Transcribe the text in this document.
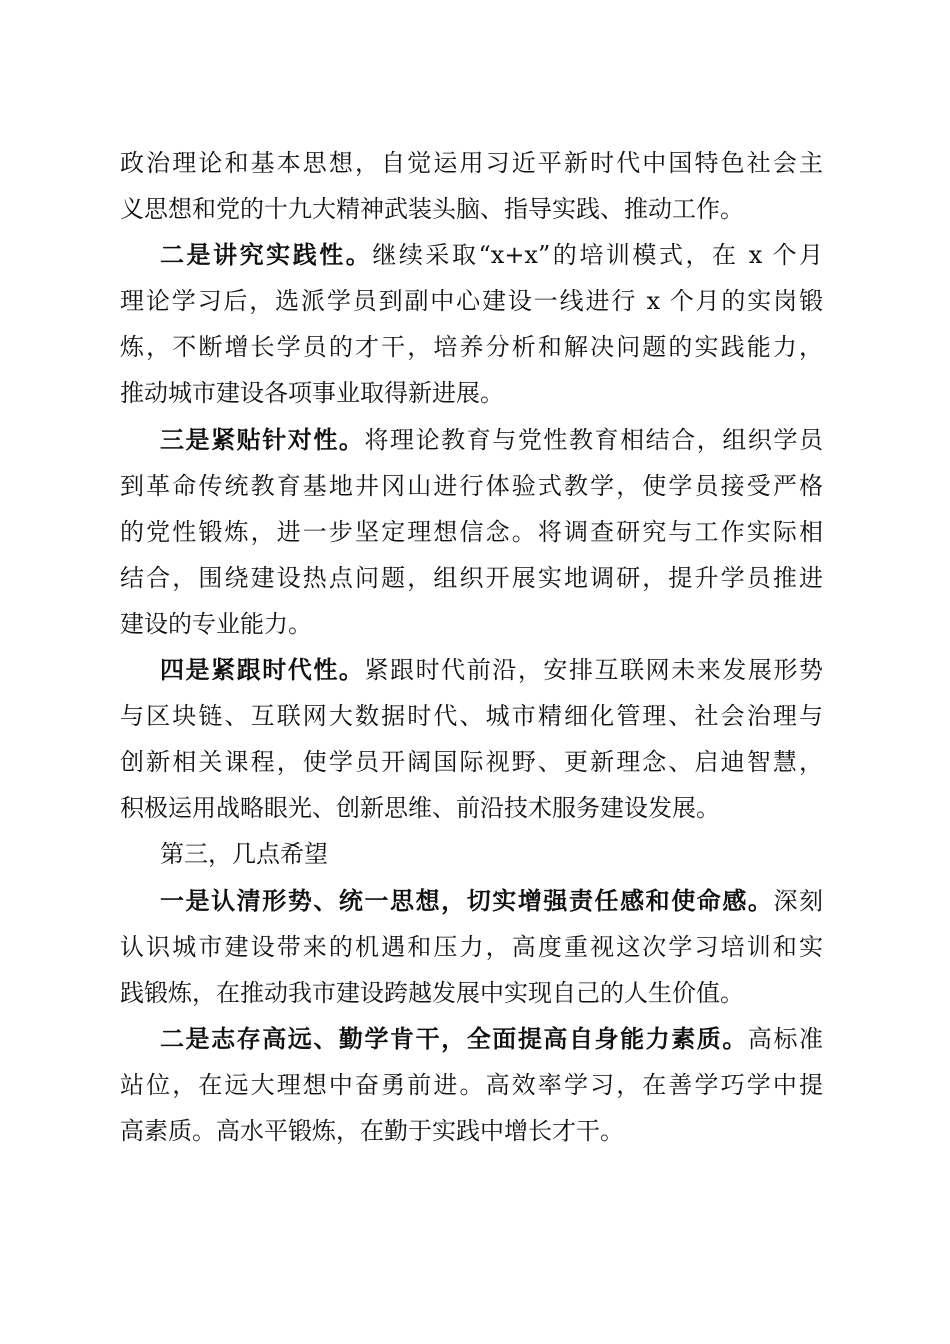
政治理论和基本思想，自觉运用习近平新时代中国特色社会主
义思想和党的十九大精神武装头脑、指导实践、推动工作。
二是讲究实践性。继续采取“x+x”的培训模式，在 x 个月
理论学习后，选派学员到副中心建设一线进行 x 个月的实岗锻
炼，不断增长学员的才干，培养分析和解决问题的实践能力，
推动城市建设各项事业取得新进展。
三是紧贴针对性。将理论教育与党性教育相结合，组织学员
到革命传统教育基地井冈山进行体验式教学，使学员接受严格
的党性锻炼，进一步坚定理想信念。将调查研究与工作实际相
结合，围绕建设热点问题，组织开展实地调研，提升学员推进
建设的专业能力。
四是紧跟时代性。紧跟时代前沿，安排互联网未来发展形势
与区块链、互联网大数据时代、城市精细化管理、社会治理与
创新相关课程，使学员开阔国际视野、更新理念、启迪智慧，
积极运用战略眼光、创新思维、前沿技术服务建设发展。
第三，几点希望
一是认清形势、统一思想，切实增强责任感和使命感。深刻
认识城市建设带来的机遇和压力，高度重视这次学习培训和实
践锻炼，在推动我市建设跨越发展中实现自己的人生价值。
二是志存高远、勤学肯干，全面提高自身能力素质。高标准
站位，在远大理想中奋勇前进。高效率学习，在善学巧学中提
高素质。高水平锻炼，在勤于实践中增长才干。
